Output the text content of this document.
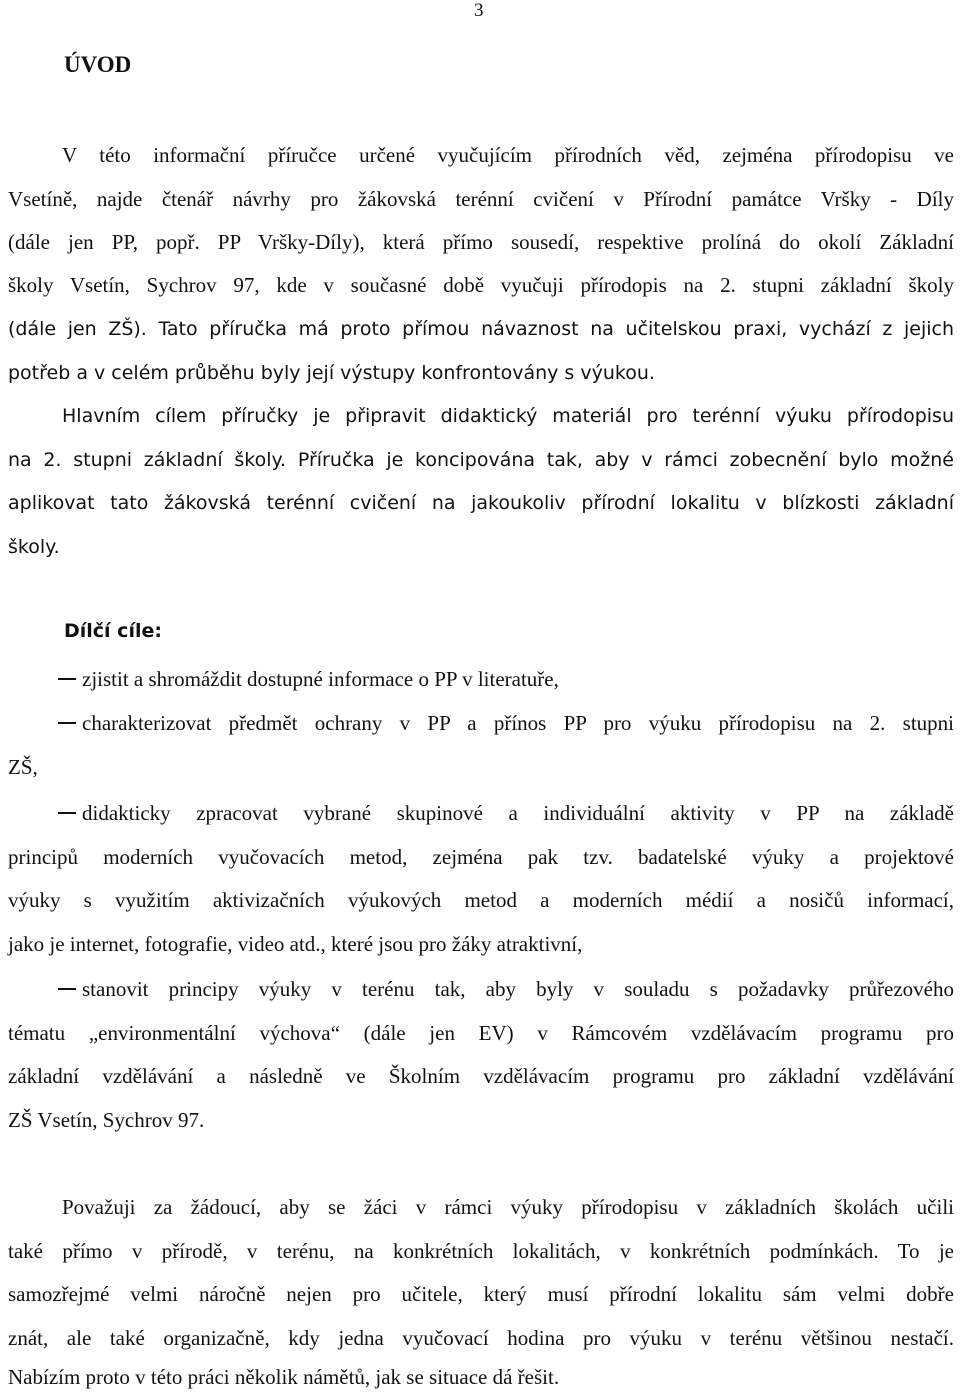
3
ÚVOD

V této informační příručce určené vyučujícím přírodních věd, zejména přírodopisu ve

Vsetíně, najde čtenář návrhy pro žákovská terénní cvičení v Přírodní památce Vršky - Díly

(dále jen PP, popř. PP Vršky-Díly), která přímo sousedí, respektive prolíná do okolí Základní

školy Vsetín, Sychrov 97, kde v současné době vyučuji přírodopis na 2. stupni základní školy

(dále jen ZŠ). Tato příručka má proto přímou návaznost na učitelskou praxi, vychází z jejich

potřeb a v celém průběhu byly její výstupy konfrontovány s výukou.

Hlavním cílem příručky je připravit didaktický materiál pro terénní výuku přírodopisu

na 2. stupni základní školy. Příručka je koncipována tak, aby v rámci zobecnění bylo možné

aplikovat tato žákovská terénní cvičení na jakoukoliv přírodní lokalitu v blízkosti základní

školy.

Dílčí cíle:

zjistit a shromáždit dostupné informace o PP v literatuře,

charakterizovat předmět ochrany v PP a přínos PP pro výuku přírodopisu na 2. stupni

ZŠ,

didakticky zpracovat vybrané skupinové a individuální aktivity v PP na základě

principů moderních vyučovacích metod, zejména pak tzv. badatelské výuky a projektové

výuky s využitím aktivizačních výukových metod a moderních médií a nosičů informací,

jako je internet, fotografie, video atd., které jsou pro žáky atraktivní,

stanovit principy výuky v terénu tak, aby byly v souladu s požadavky průřezového

tématu „environmentální výchova“ (dále jen EV) v Rámcovém vzdělávacím programu pro

základní vzdělávání a následně ve Školním vzdělávacím programu pro základní vzdělávání

ZŠ Vsetín, Sychrov 97.

Považuji za žádoucí, aby se žáci v rámci výuky přírodopisu v základních školách učili

také přímo v přírodě, v terénu, na konkrétních lokalitách, v konkrétních podmínkách. To je

samozřejmé velmi náročně nejen pro učitele, který musí přírodní lokalitu sám velmi dobře

znát, ale také organizačně, kdy jedna vyučovací hodina pro výuku v terénu většinou nestačí.

Nabízím proto v této práci několik námětů, jak se situace dá řešit.
